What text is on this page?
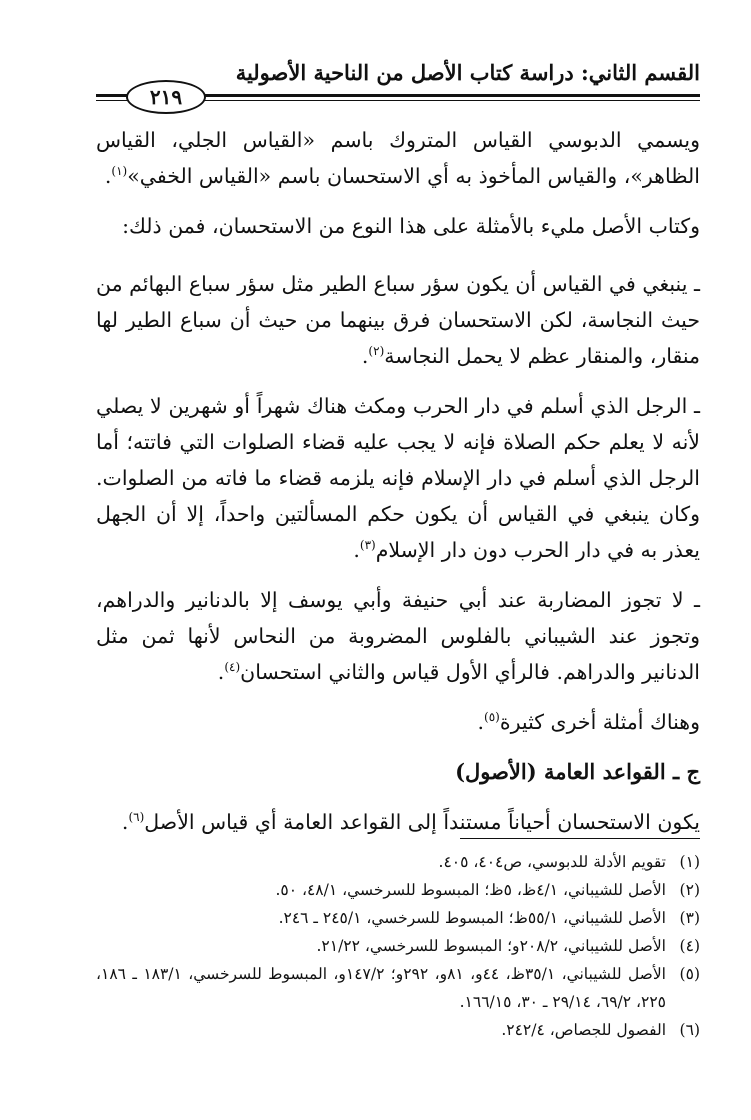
القسم الثاني: دراسة كتاب الأصل من الناحية الأصولية
٢١٩

ويسمي الدبوسي القياس المتروك باسم «القياس الجلي، القياس الظاهر»، والقياس المأخوذ به أي الاستحسان باسم «القياس الخفي»$^{(١)}$.

وكتاب الأصل مليء بالأمثلة على هذا النوع من الاستحسان، فمن ذلك:

ـ ينبغي في القياس أن يكون سؤر سباع الطير مثل سؤر سباع البهائم من حيث النجاسة، لكن الاستحسان فرق بينهما من حيث أن سباع الطير لها منقار، والمنقار عظم لا يحمل النجاسة$^{(٢)}$.

ـ الرجل الذي أسلم في دار الحرب ومكث هناك شهراً أو شهرين لا يصلي لأنه لا يعلم حكم الصلاة فإنه لا يجب عليه قضاء الصلوات التي فاتته؛ أما الرجل الذي أسلم في دار الإسلام فإنه يلزمه قضاء ما فاته من الصلوات. وكان ينبغي في القياس أن يكون حكم المسألتين واحداً، إلا أن الجهل يعذر به في دار الحرب دون دار الإسلام$^{(٣)}$.

ـ لا تجوز المضاربة عند أبي حنيفة وأبي يوسف إلا بالدنانير والدراهم، وتجوز عند الشيباني بالفلوس المضروبة من النحاس لأنها ثمن مثل الدنانير والدراهم. فالرأي الأول قياس والثاني استحسان$^{(٤)}$.

وهناك أمثلة أخرى كثيرة$^{(٥)}$.

ج ـ القواعد العامة (الأصول)

يكون الاستحسان أحياناً مستنداً إلى القواعد العامة أي قياس الأصل$^{(٦)}$.

(١)
تقويم الأدلة للدبوسي، ص٤٠٤، ٤٠٥.
(٢)
الأصل للشيباني، ٤/١ظ، ٥ظ؛ المبسوط للسرخسي، ٤٨/١، ٥٠.
(٣)
الأصل للشيباني، ٥٥/١ظ؛ المبسوط للسرخسي، ٢٤٥/١ ـ ٢٤٦.
(٤)
الأصل للشيباني، ٢٠٨/٢و؛ المبسوط للسرخسي، ٢١/٢٢.
(٥)
الأصل للشيباني، ٣٥/١ظ، ٤٤و، ٨١و، ٢٩٢و؛ ١٤٧/٢و، المبسوط للسرخسي، ١٨٣/١ ـ ١٨٦، ٢٢٥، ٦٩/٢، ٢٩/١٤ ـ ٣٠، ١٦٦/١٥.
(٦)
الفصول للجصاص، ٢٤٢/٤.
